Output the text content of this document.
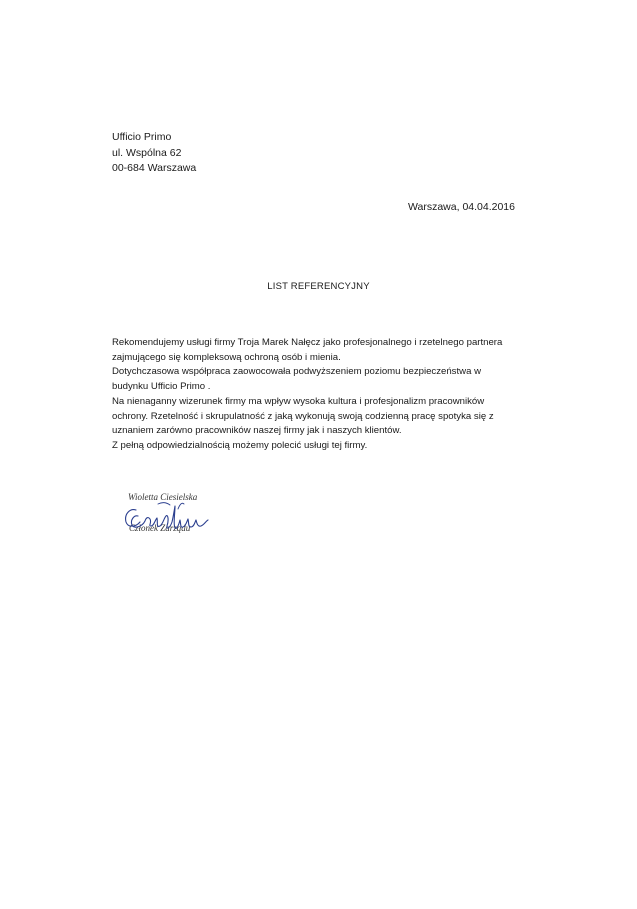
Ufficio Primo
ul. Wspólna 62
00-684 Warszawa
Warszawa, 04.04.2016
LIST REFERENCYJNY
Rekomendujemy usługi firmy Troja Marek Nałęcz jako profesjonalnego i rzetelnego partnera
zajmującego się kompleksową ochroną osób i mienia.
Dotychczasowa współpraca zaowocowała podwyższeniem poziomu bezpieczeństwa w
budynku Ufficio Primo .
Na nienaganny wizerunek firmy ma wpływ wysoka kultura i profesjonalizm pracowników
ochrony. Rzetelność i skrupulatność z jaką wykonują swoją codzienną pracę spotyka się z
uznaniem zarówno pracowników naszej firmy jak i naszych klientów.
Z pełną odpowiedzialnością możemy polecić usługi tej firmy.
Wioletta Ciesielska
Członek Zarządu
